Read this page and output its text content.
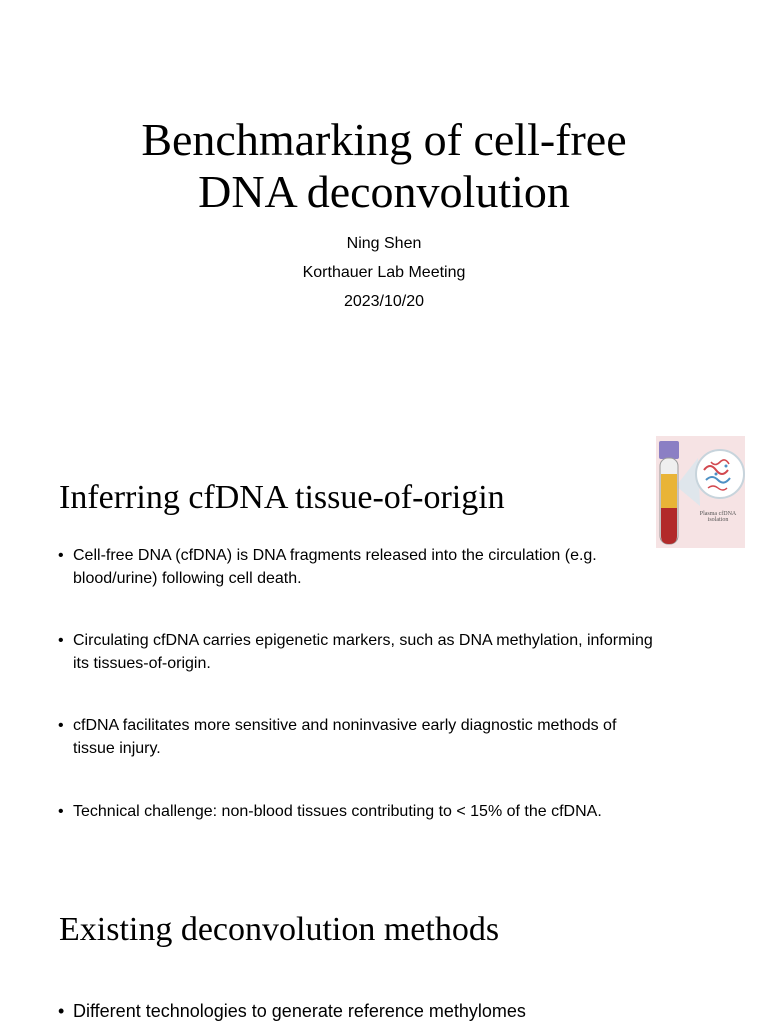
Benchmarking of cell-free
DNA deconvolution
Ning Shen
Korthauer Lab Meeting
2023/10/20
Inferring cfDNA tissue-of-origin	Plasma cfDNA
isolation
•
Cell-free DNA (cfDNA) is DNA fragments released into the circulation (e.g.
blood/urine) following cell death.
•
Circulating cfDNA carries epigenetic markers, such as DNA methylation, informing
its tissues-of-origin.
•
cfDNA facilitates more sensitive and noninvasive early diagnostic methods of
tissue injury.
•
Technical challenge: non-blood tissues contributing to < 15% of the cfDNA.
Existing deconvolution methods
•
Different technologies to generate reference methylomes
